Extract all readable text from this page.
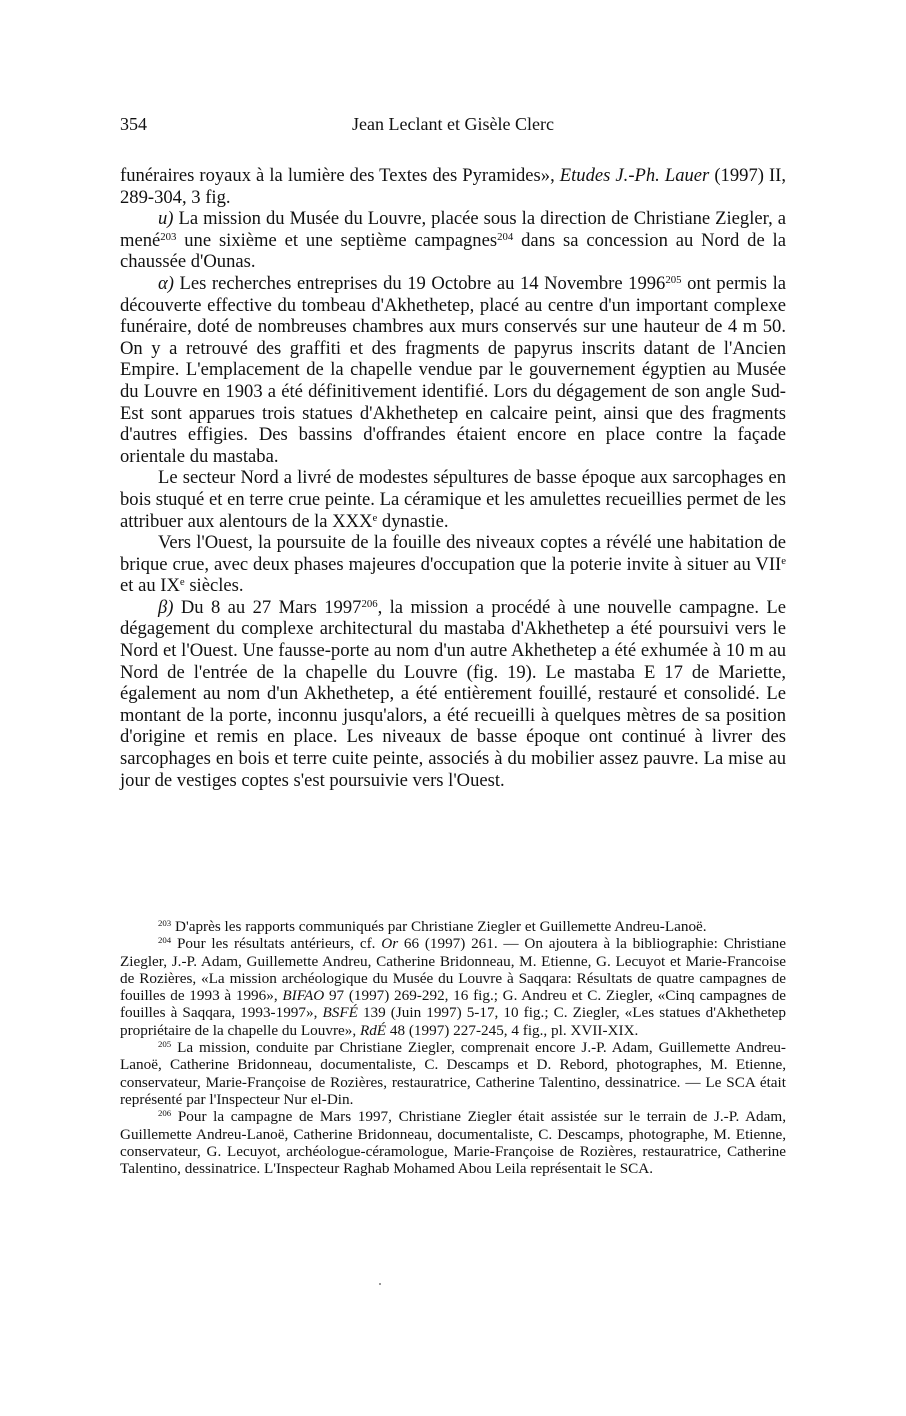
354	Jean Leclant et Gisèle Clerc

funéraires royaux à la lumière des Textes des Pyramides», Etudes J.-Ph. Lauer (1997) II, 289-304, 3 fig.

u) La mission du Musée du Louvre, placée sous la direction de Christiane Ziegler, a mené$^{203}$ une sixième et une septième campagnes$^{204}$ dans sa concession au Nord de la chaussée d'Ounas.

α) Les recherches entreprises du 19 Octobre au 14 Novembre 1996$^{205}$ ont permis la découverte effective du tombeau d'Akhethetep, placé au centre d'un important complexe funéraire, doté de nombreuses chambres aux murs conservés sur une hauteur de 4 m 50. On y a retrouvé des graffiti et des fragments de papyrus inscrits datant de l'Ancien Empire. L'emplacement de la chapelle vendue par le gouvernement égyptien au Musée du Louvre en 1903 a été définitivement identifié. Lors du dégagement de son angle Sud-Est sont apparues trois statues d'Akhethetep en calcaire peint, ainsi que des fragments d'autres effigies. Des bassins d'offrandes étaient encore en place contre la façade orientale du mastaba.

Le secteur Nord a livré de modestes sépultures de basse époque aux sarcophages en bois stuqué et en terre crue peinte. La céramique et les amulettes recueillies permet de les attribuer aux alentours de la XXXe dynastie.

Vers l'Ouest, la poursuite de la fouille des niveaux coptes a révélé une habitation de brique crue, avec deux phases majeures d'occupation que la poterie invite à situer au VIIe et au IXe siècles.

β) Du 8 au 27 Mars 1997$^{206}$, la mission a procédé à une nouvelle campagne. Le dégagement du complexe architectural du mastaba d'Akhethetep a été poursuivi vers le Nord et l'Ouest. Une fausse-porte au nom d'un autre Akhethetep a été exhumée à 10 m au Nord de l'entrée de la chapelle du Louvre (fig. 19). Le mastaba E 17 de Mariette, également au nom d'un Akhethetep, a été entièrement fouillé, restauré et consolidé. Le montant de la porte, inconnu jusqu'alors, a été recueilli à quelques mètres de sa position d'origine et remis en place. Les niveaux de basse époque ont continué à livrer des sarcophages en bois et terre cuite peinte, associés à du mobilier assez pauvre. La mise au jour de vestiges coptes s'est poursuivie vers l'Ouest.

$^{203}$ D'après les rapports communiqués par Christiane Ziegler et Guillemette Andreu-Lanoë.

$^{204}$ Pour les résultats antérieurs, cf. Or 66 (1997) 261. — On ajoutera à la bibliographie: Christiane Ziegler, J.-P. Adam, Guillemette Andreu, Catherine Bridonneau, M. Etienne, G. Lecuyot et Marie-Francoise de Rozières, «La mission archéologique du Musée du Louvre à Saqqara: Résultats de quatre campagnes de fouilles de 1993 à 1996», BIFAO 97 (1997) 269-292, 16 fig.; G. Andreu et C. Ziegler, «Cinq campagnes de fouilles à Saqqara, 1993-1997», BSFÉ 139 (Juin 1997) 5-17, 10 fig.; C. Ziegler, «Les statues d'Akhethetep propriétaire de la chapelle du Louvre», RdÉ 48 (1997) 227-245, 4 fig., pl. XVII-XIX.

$^{205}$ La mission, conduite par Christiane Ziegler, comprenait encore J.-P. Adam, Guillemette Andreu-Lanoë, Catherine Bridonneau, documentaliste, C. Descamps et D. Rebord, photographes, M. Etienne, conservateur, Marie-Françoise de Rozières, restauratrice, Catherine Talentino, dessinatrice. — Le SCA était représenté par l'Inspecteur Nur el-Din.

$^{206}$ Pour la campagne de Mars 1997, Christiane Ziegler était assistée sur le terrain de J.-P. Adam, Guillemette Andreu-Lanoë, Catherine Bridonneau, documentaliste, C. Descamps, photographe, M. Etienne, conservateur, G. Lecuyot, archéologue-céramologue, Marie-Françoise de Rozières, restauratrice, Catherine Talentino, dessinatrice. L'Inspecteur Raghab Mohamed Abou Leila représentait le SCA.
